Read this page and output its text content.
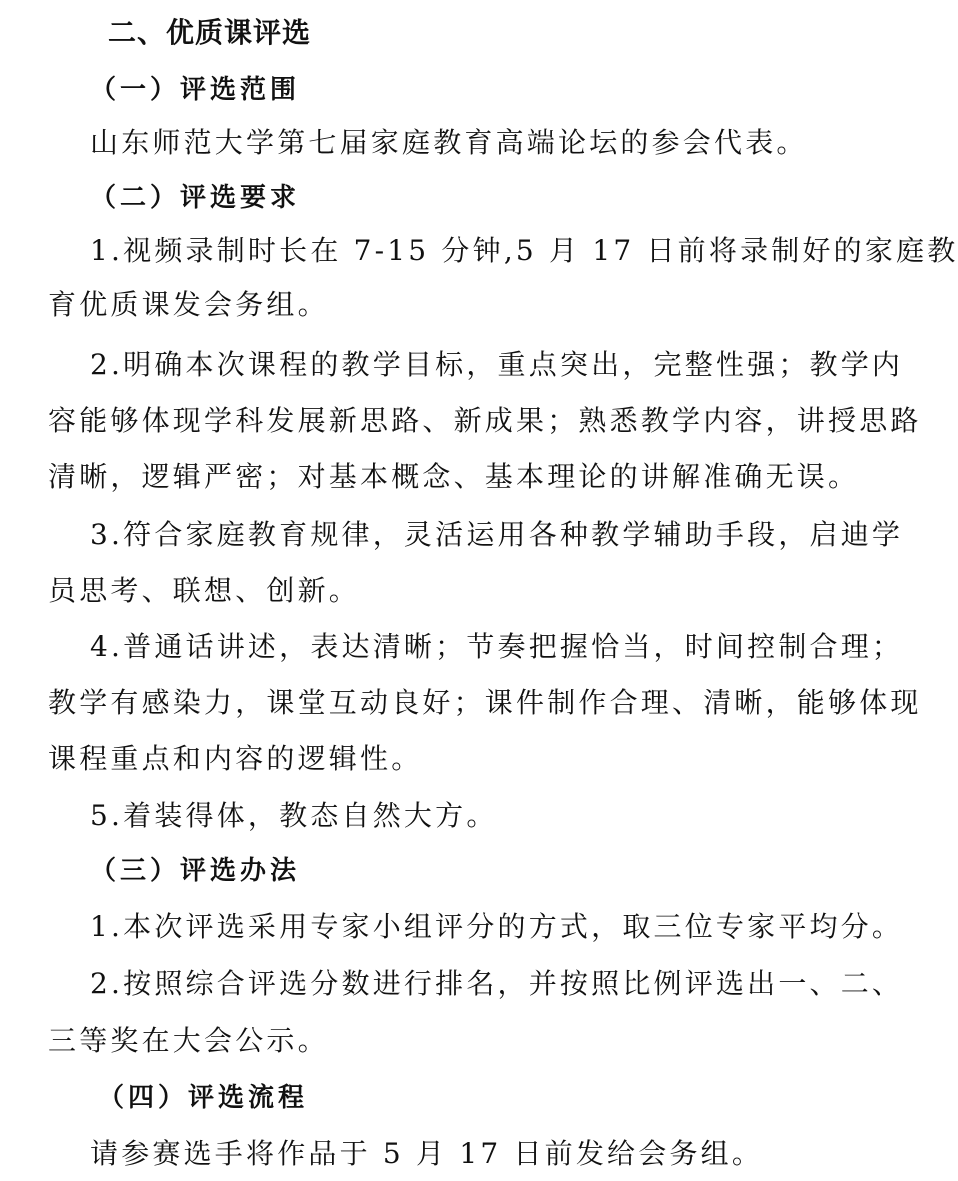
二、优质课评选
（一）评选范围
山东师范大学第七届家庭教育高端论坛的参会代表。
（二）评选要求
1.视频录制时长在 7-15 分钟,5 月 17 日前将录制好的家庭教
育优质课发会务组。
2.明确本次课程的教学目标，重点突出，完整性强；教学内
容能够体现学科发展新思路、新成果；熟悉教学内容，讲授思路
清晰，逻辑严密；对基本概念、基本理论的讲解准确无误。
3.符合家庭教育规律，灵活运用各种教学辅助手段，启迪学
员思考、联想、创新。
4.普通话讲述，表达清晰；节奏把握恰当，时间控制合理；
教学有感染力，课堂互动良好；课件制作合理、清晰，能够体现
课程重点和内容的逻辑性。
5.着装得体，教态自然大方。
（三）评选办法
1.本次评选采用专家小组评分的方式，取三位专家平均分。
2.按照综合评选分数进行排名，并按照比例评选出一、二、
三等奖在大会公示。
（四）评选流程
请参赛选手将作品于 5 月 17 日前发给会务组。
